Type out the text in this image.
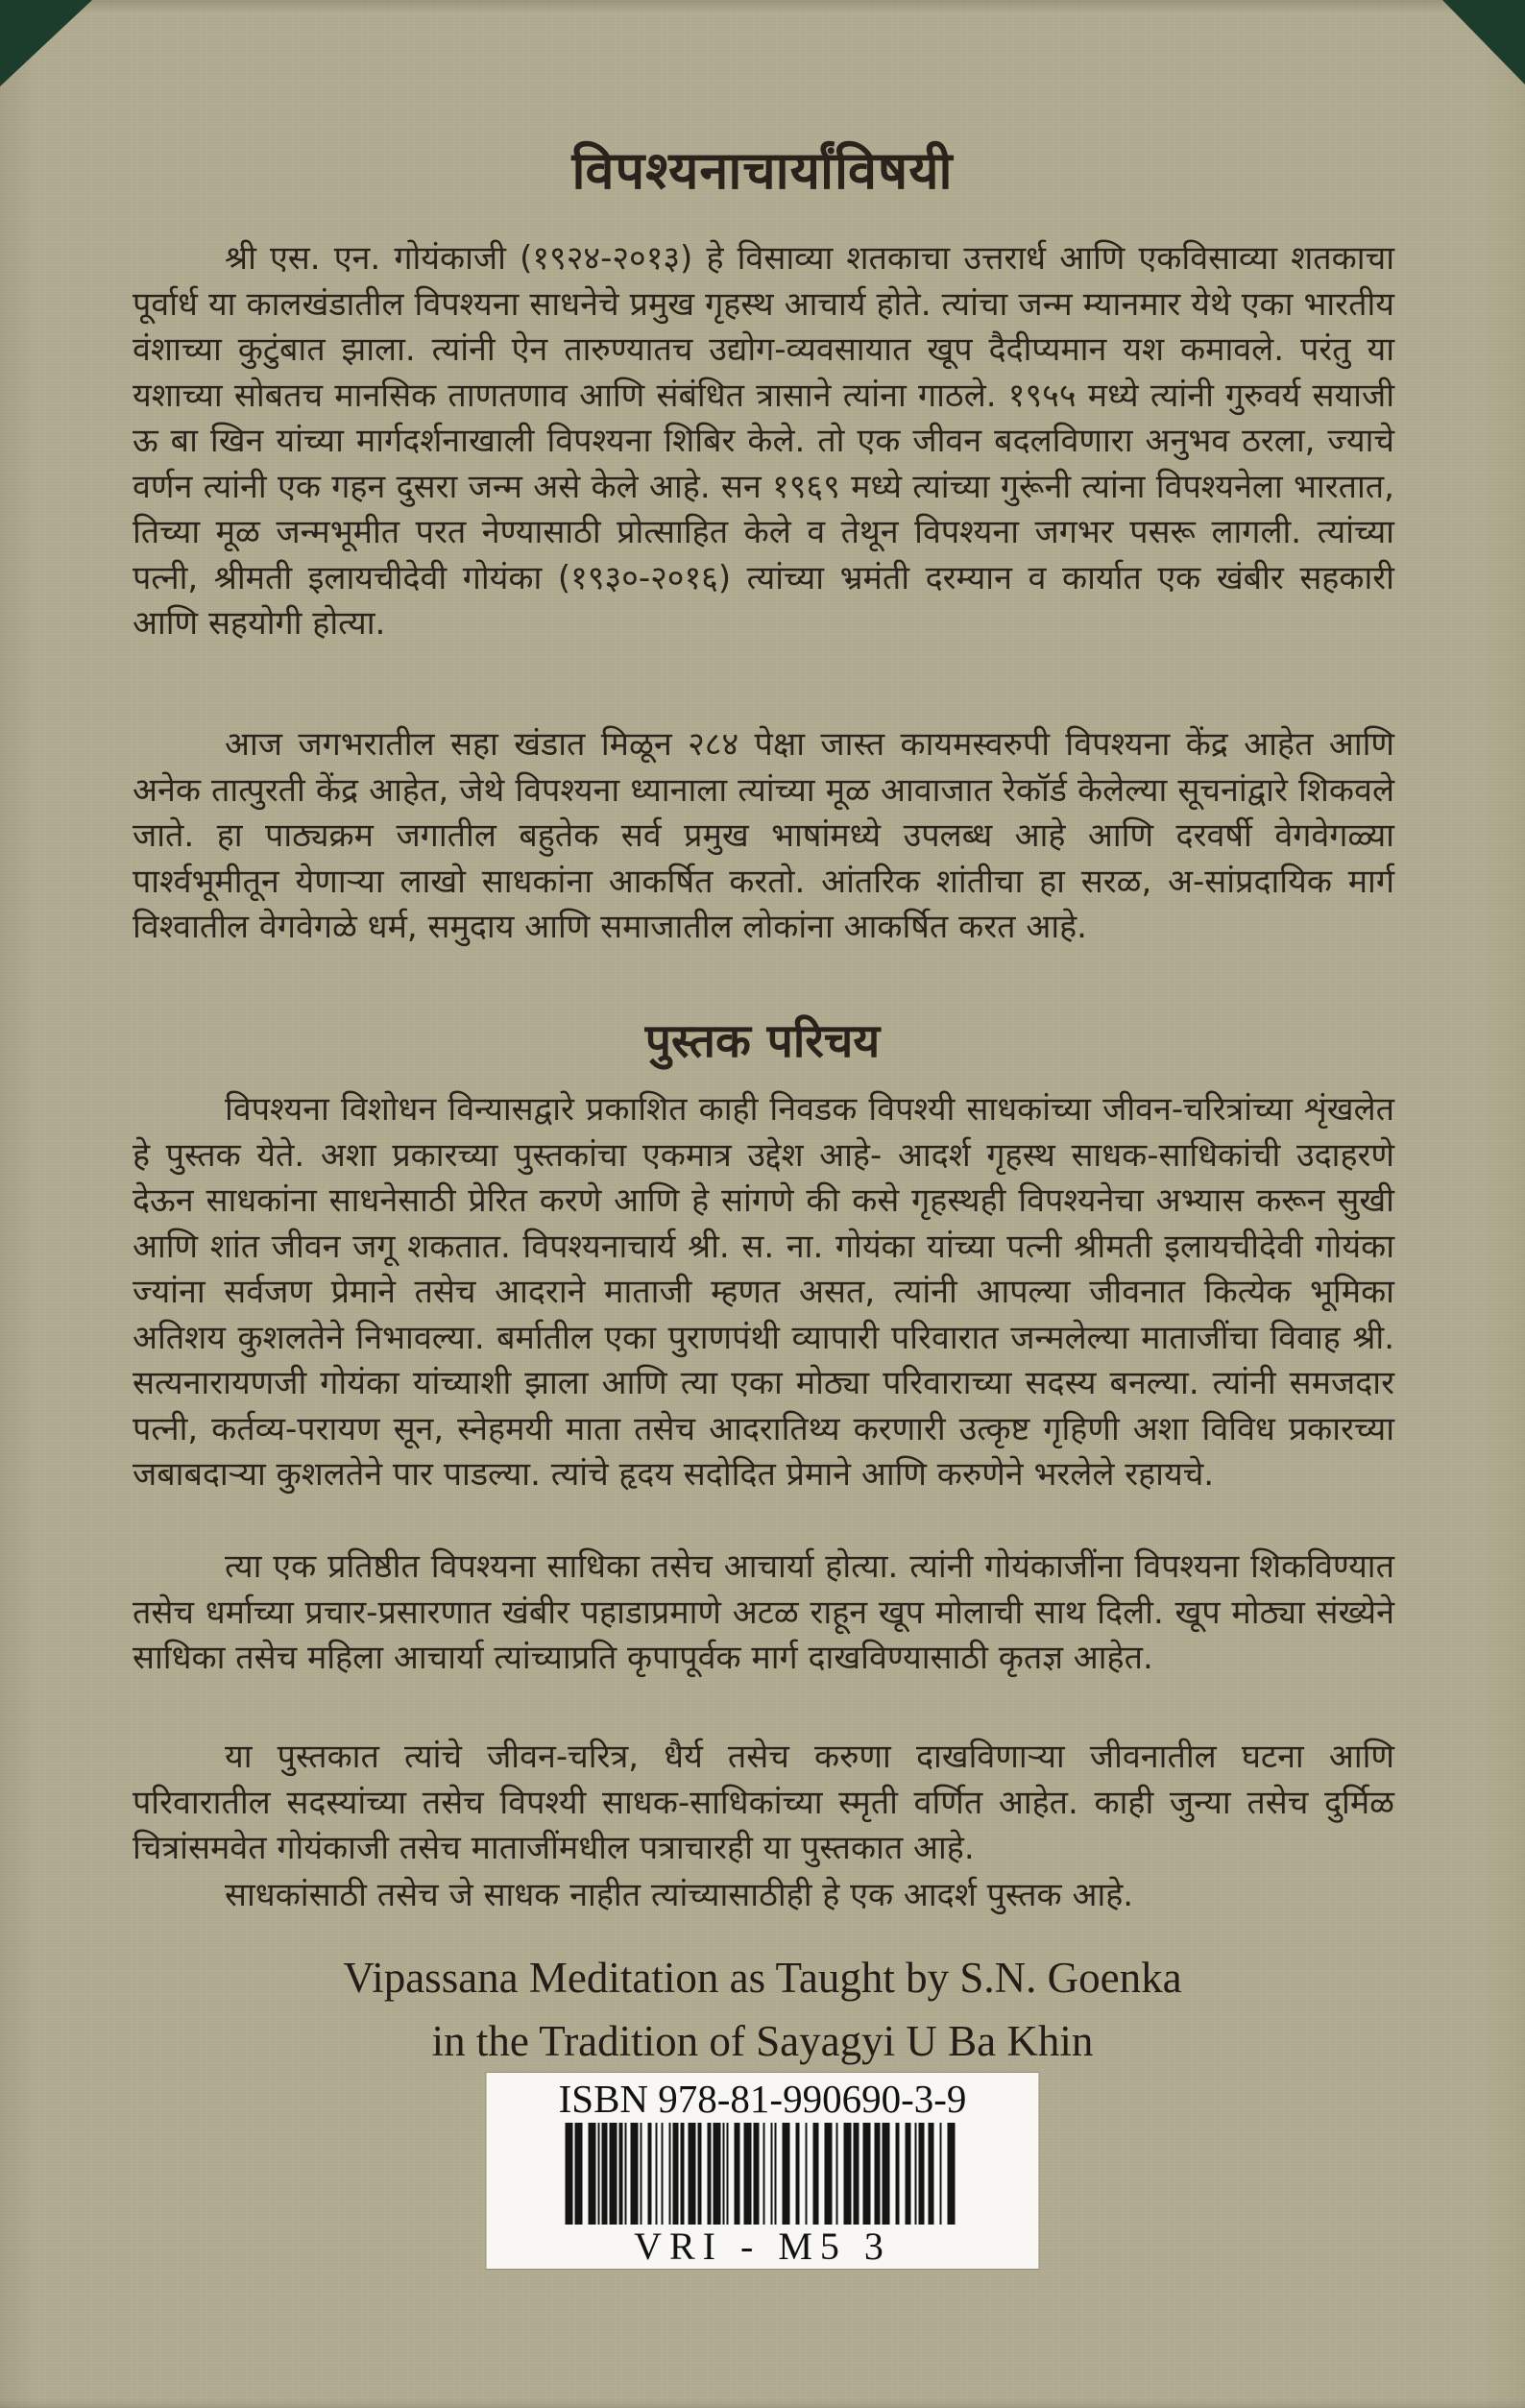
विपश्यनाचार्यांविषयी

श्री एस. एन. गोयंकाजी (१९२४-२०१३) हे विसाव्या शतकाचा उत्तरार्ध आणि एकविसाव्या शतकाचा पूर्वार्ध या कालखंडातील विपश्यना साधनेचे प्रमुख गृहस्थ आचार्य होते. त्यांचा जन्म म्यानमार येथे एका भारतीय वंशाच्या कुटुंबात झाला. त्यांनी ऐन तारुण्यातच उद्योग-व्यवसायात खूप दैदीप्यमान यश कमावले. परंतु या यशाच्या सोबतच मानसिक ताणतणाव आणि संबंधित त्रासाने त्यांना गाठले. १९५५ मध्ये त्यांनी गुरुवर्य सयाजी ऊ बा खिन यांच्या मार्गदर्शनाखाली विपश्यना शिबिर केले. तो एक जीवन बदलविणारा अनुभव ठरला, ज्याचे वर्णन त्यांनी एक गहन दुसरा जन्म असे केले आहे. सन १९६९ मध्ये त्यांच्या गुरूंनी त्यांना विपश्यनेला भारतात, तिच्या मूळ जन्मभूमीत परत नेण्यासाठी प्रोत्साहित केले व तेथून विपश्यना जगभर पसरू लागली. त्यांच्या पत्नी, श्रीमती इलायचीदेवी गोयंका (१९३०-२०१६) त्यांच्या भ्रमंती दरम्यान व कार्यात एक खंबीर सहकारी आणि सहयोगी होत्या.

आज जगभरातील सहा खंडात मिळून २८४ पेक्षा जास्त कायमस्वरुपी विपश्यना केंद्र आहेत आणि अनेक तात्पुरती केंद्र आहेत, जेथे विपश्यना ध्यानाला त्यांच्या मूळ आवाजात रेकॉर्ड केलेल्या सूचनांद्वारे शिकवले जाते. हा पाठ्यक्रम जगातील बहुतेक सर्व प्रमुख भाषांमध्ये उपलब्ध आहे आणि दरवर्षी वेगवेगळ्या पार्श्वभूमीतून येणाऱ्या लाखो साधकांना आकर्षित करतो. आंतरिक शांतीचा हा सरळ, अ-सांप्रदायिक मार्ग विश्वातील वेगवेगळे धर्म, समुदाय आणि समाजातील लोकांना आकर्षित करत आहे.

पुस्तक परिचय

विपश्यना विशोधन विन्यासद्वारे प्रकाशित काही निवडक विपश्यी साधकांच्या जीवन-चरित्रांच्या शृंखलेत हे पुस्तक येते. अशा प्रकारच्या पुस्तकांचा एकमात्र उद्देश आहे- आदर्श गृहस्थ साधक-साधिकांची उदाहरणे देऊन साधकांना साधनेसाठी प्रेरित करणे आणि हे सांगणे की कसे गृहस्थही विपश्यनेचा अभ्यास करून सुखी आणि शांत जीवन जगू शकतात. विपश्यनाचार्य श्री. स. ना. गोयंका यांच्या पत्नी श्रीमती इलायचीदेवी गोयंका ज्यांना सर्वजण प्रेमाने तसेच आदराने माताजी म्हणत असत, त्यांनी आपल्या जीवनात कित्येक भूमिका अतिशय कुशलतेने निभावल्या. बर्मातील एका पुराणपंथी व्यापारी परिवारात जन्मलेल्या माताजींचा विवाह श्री. सत्यनारायणजी गोयंका यांच्याशी झाला आणि त्या एका मोठ्या परिवाराच्या सदस्य बनल्या. त्यांनी समजदार पत्नी, कर्तव्य-परायण सून, स्नेहमयी माता तसेच आदरातिथ्य करणारी उत्कृष्ट गृहिणी अशा विविध प्रकारच्या जबाबदाऱ्या कुशलतेने पार पाडल्या. त्यांचे हृदय सदोदित प्रेमाने आणि करुणेने भरलेले रहायचे.

त्या एक प्रतिष्ठीत विपश्यना साधिका तसेच आचार्या होत्या. त्यांनी गोयंकाजींना विपश्यना शिकविण्यात तसेच धर्माच्या प्रचार-प्रसारणात खंबीर पहाडाप्रमाणे अटळ राहून खूप मोलाची साथ दिली. खूप मोठ्या संख्येने साधिका तसेच महिला आचार्या त्यांच्याप्रति कृपापूर्वक मार्ग दाखविण्यासाठी कृतज्ञ आहेत.

या पुस्तकात त्यांचे जीवन-चरित्र, धैर्य तसेच करुणा दाखविणाऱ्या जीवनातील घटना आणि परिवारातील सदस्यांच्या तसेच विपश्यी साधक-साधिकांच्या स्मृती वर्णित आहेत. काही जुन्या तसेच दुर्मिळ चित्रांसमवेत गोयंकाजी तसेच माताजींमधील पत्राचारही या पुस्तकात आहे.

साधकांसाठी तसेच जे साधक नाहीत त्यांच्यासाठीही हे एक आदर्श पुस्तक आहे.

Vipassana Meditation as Taught by S.N. Goenka
in the Tradition of Sayagyi U Ba Khin
ISBN 978-81-990690-3-9
VRI - M5 3
